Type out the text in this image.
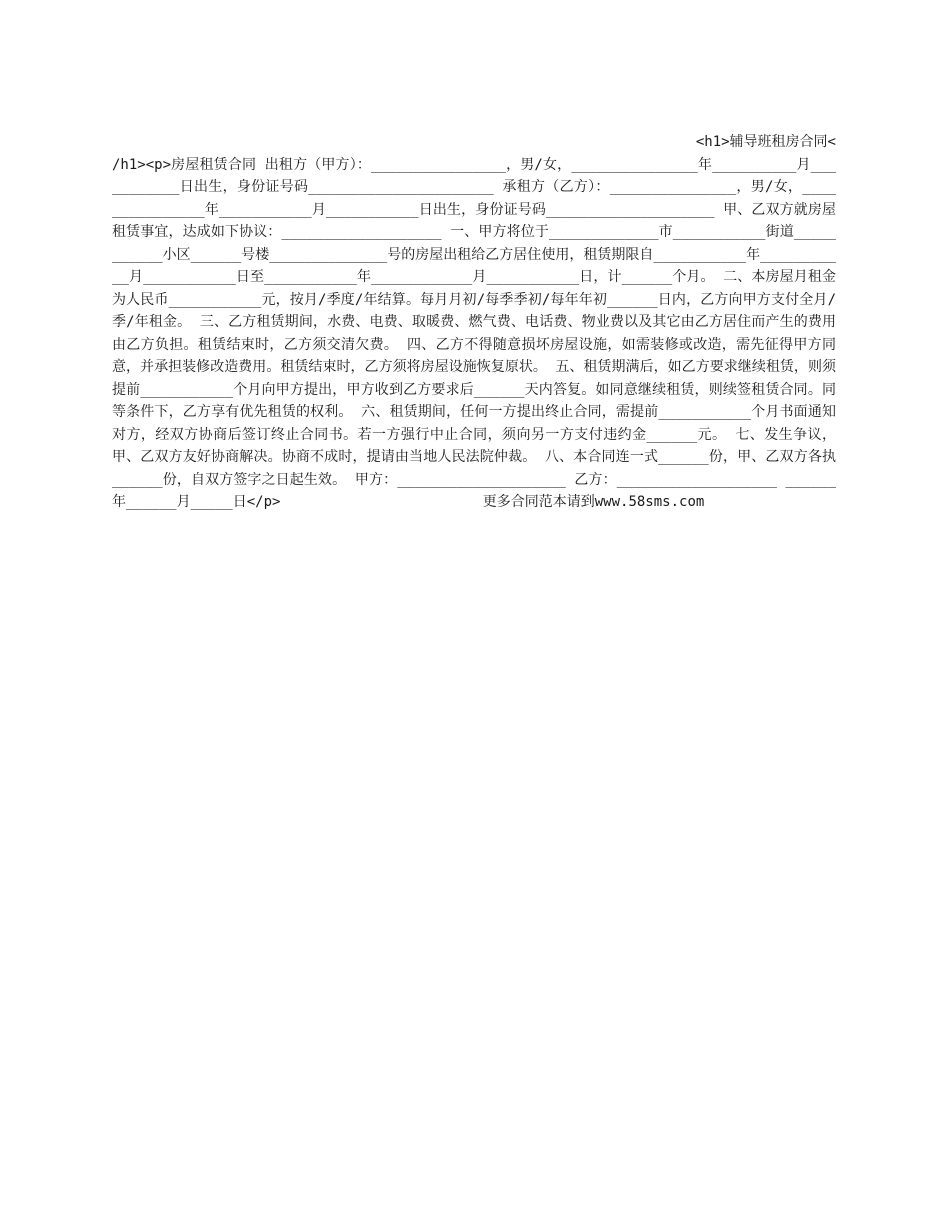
<h1>辅导班租房合同<
/h1><p>房屋租赁合同 出租方（甲方）：________________，男/女，_______________年__________月___________日出生，身份证号码______________________ 承租方（乙方）：_______________，男/女，_______________年___________月___________日出生，身份证号码____________________ 甲、乙双方就房屋租赁事宜，达成如下协议：___________________ 一、甲方将位于_____________市___________街道___________小区______号楼______________号的房屋出租给乙方居住使用，租赁期限自___________年___________月___________日至___________年____________月___________日，计______个月。 二、本房屋月租金为人民币___________元，按月/季度/年结算。每月月初/每季季初/每年年初______日内，乙方向甲方支付全月/季/年租金。 三、乙方租赁期间，水费、电费、取暖费、燃气费、电话费、物业费以及其它由乙方居住而产生的费用由乙方负担。租赁结束时，乙方须交清欠费。 四、乙方不得随意损坏房屋设施，如需装修或改造，需先征得甲方同意，并承担装修改造费用。租赁结束时，乙方须将房屋设施恢复原状。 五、租赁期满后，如乙方要求继续租赁，则须提前___________个月向甲方提出，甲方收到乙方要求后______天内答复。如同意继续租赁，则续签租赁合同。同等条件下，乙方享有优先租赁的权利。 六、租赁期间，任何一方提出终止合同，需提前___________个月书面通知对方，经双方协商后签订终止合同书。若一方强行中止合同，须向另一方支付违约金______元。 七、发生争议，甲、乙双方友好协商解决。协商不成时，提请由当地人民法院仲裁。 八、本合同连一式______份，甲、乙双方各执______份，自双方签字之日起生效。 甲方：____________________ 乙方：___________________ ______年______月_____日</p>                        更多合同范本请到www.58sms.com
